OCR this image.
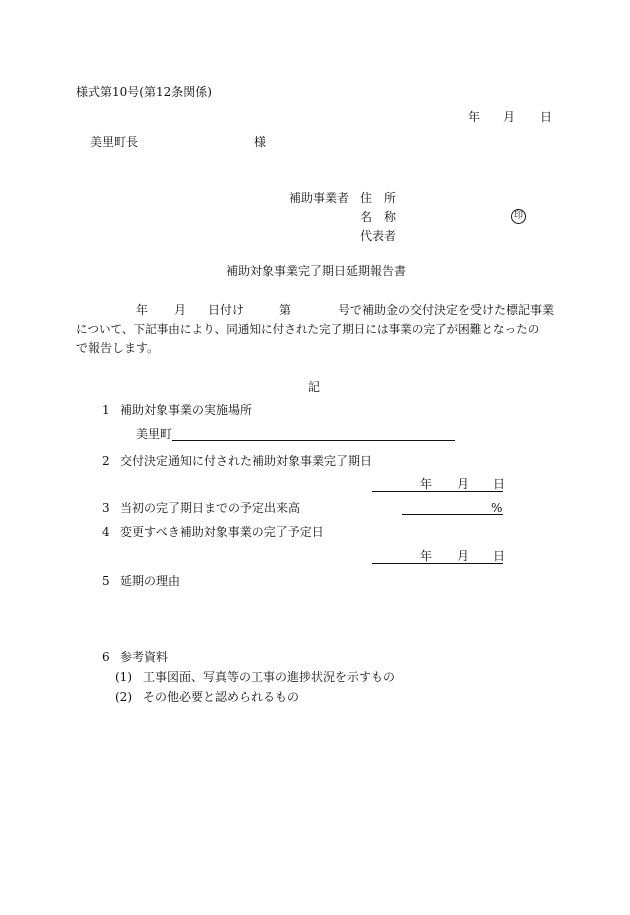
様式第10号(第12条関係)
年 月 日
美里町長	様
補助事業者 住　所
名　称	印
代表者
補助対象事業完了期日延期報告書
年 月 日付け	第	号で補助金の交付決定を受けた標記事業
について、下記事由により、同通知に付された完了期日には事業の完了が困難となったの
で報告します。
記
1 補助対象事業の実施場所
美里町
2 交付決定通知に付された補助対象事業完了期日
年 月 日
3 当初の完了期日までの予定出来高	%
4 変更すべき補助対象事業の完了予定日
年 月 日
5 延期の理由
6 参考資料
(1) 工事図面、写真等の工事の進捗状況を示すもの
(2) その他必要と認められるもの
